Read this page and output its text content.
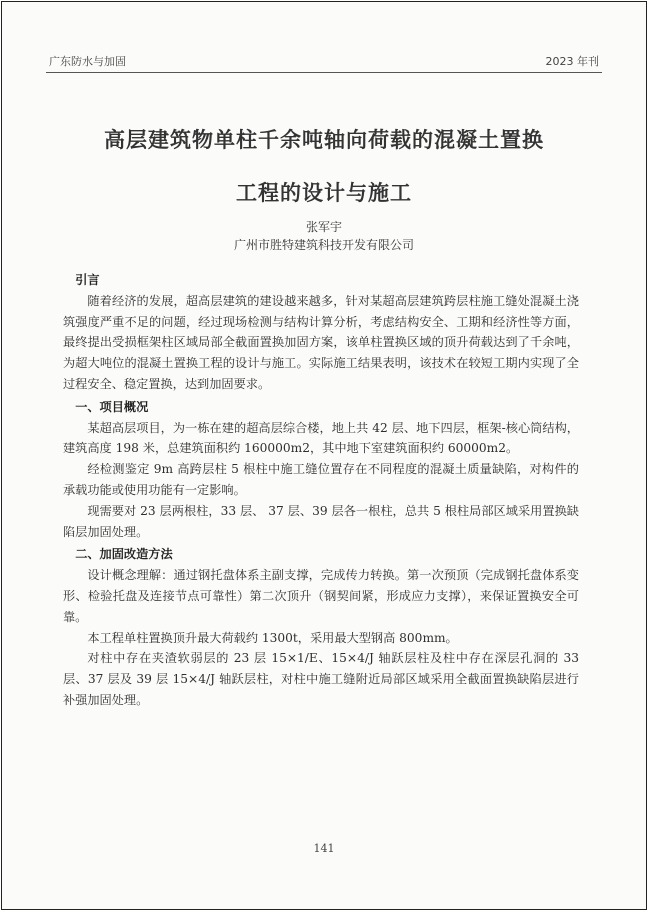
广东防水与加固	2023 年刊
高层建筑物单柱千余吨轴向荷载的混凝土置换
工程的设计与施工
张军宇
广州市胜特建筑科技开发有限公司
引言

随着经济的发展，超高层建筑的建设越来越多，针对某超高层建筑跨层柱施工缝处混凝土浇筑强度严重不足的问题，经过现场检测与结构计算分析，考虑结构安全、工期和经济性等方面，最终提出受损框架柱区域局部全截面置换加固方案，该单柱置换区域的顶升荷载达到了千余吨，为超大吨位的混凝土置换工程的设计与施工。实际施工结果表明，该技术在较短工期内实现了全过程安全、稳定置换，达到加固要求。

一、项目概况

某超高层项目，为一栋在建的超高层综合楼，地上共 42 层、地下四层，框架-核心筒结构，建筑高度 198 米，总建筑面积约 160000m2，其中地下室建筑面积约 60000m2。

经检测鉴定 9m 高跨层柱 5 根柱中施工缝位置存在不同程度的混凝土质量缺陷，对构件的承载功能或使用功能有一定影响。

现需要对 23 层两根柱，33 层、 37 层、39 层各一根柱，总共 5 根柱局部区域采用置换缺陷层加固处理。

二、加固改造方法

设计概念理解：通过钢托盘体系主副支撑，完成传力转换。第一次预顶（完成钢托盘体系变形、检验托盘及连接节点可靠性）第二次顶升（钢契间紧，形成应力支撑），来保证置换安全可靠。

本工程单柱置换顶升最大荷载约 1300t，采用最大型钢高 800mm。

对柱中存在夹渣软弱层的 23 层 15×1/E、15×4/J 轴跃层柱及柱中存在深层孔洞的 33 层、37 层及 39 层 15×4/J 轴跃层柱，对柱中施工缝附近局部区域采用全截面置换缺陷层进行补强加固处理。

141
